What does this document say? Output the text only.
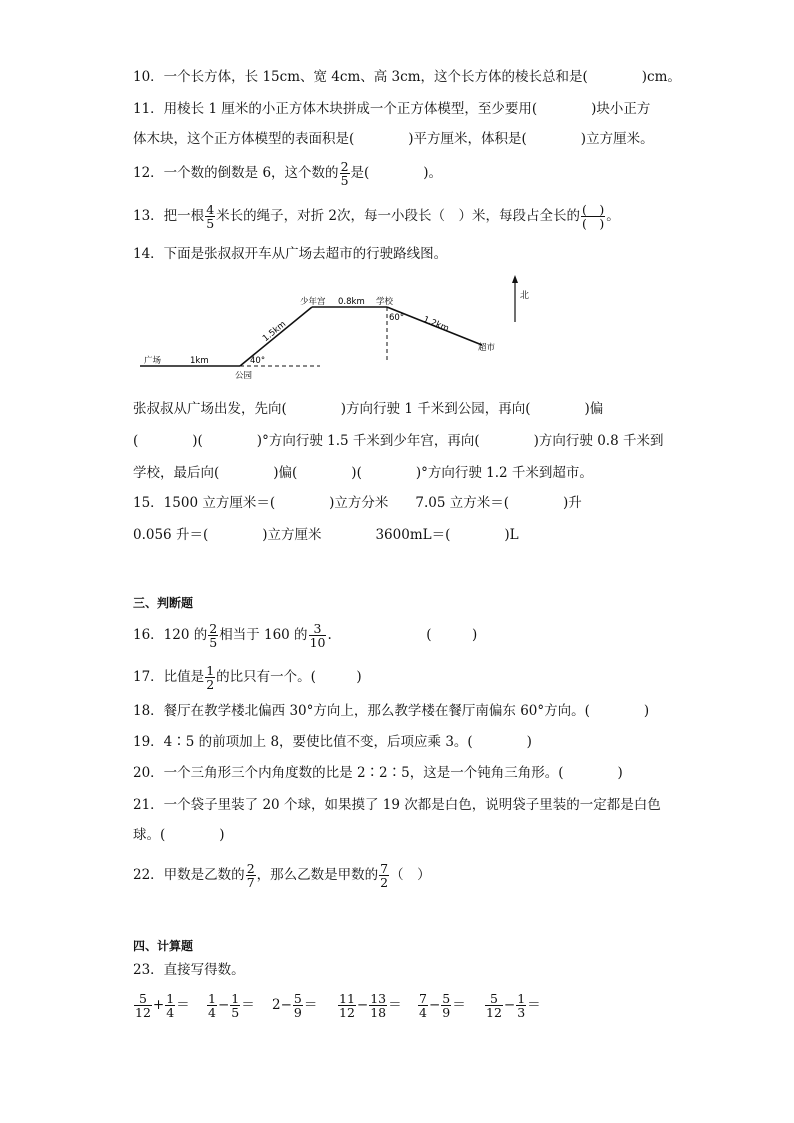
10．一个长方体，长 15cm、宽 4cm、高 3cm，这个长方体的棱长总和是(　　　　)cm。
11．用棱长 1 厘米的小正方体木块拼成一个正方体模型，至少要用(　　　　)块小正方
体木块，这个正方体模型的表面积是(　　　　)平方厘米，体积是(　　　　)立方厘米。
12．一个数的倒数是 6，这个数的 $\frac{2}{5}$ 是(　　　　)。
13．把一根 $\frac{4}{5}$ 米长的绳子，对折 2次，每一小段长（　）米，每段占全长的 $\frac{( )}{( )}$ 。
14．下面是张叔叔开车从广场去超市的行驶路线图。
北
广场	1km
公园
40°
1.5km
少年宫 0.8km 学校
60° 1.2km
超市
张叔叔从广场出发，先向(　　　　)方向行驶 1 千米到公园，再向(　　　　)偏
(　　　　)(　　　　)°方向行驶 1.5 千米到少年宫，再向(　　　　)方向行驶 0.8 千米到
学校，最后向(　　　　)偏(　　　　)(　　　　)°方向行驶 1.2 千米到超市。
15．1500 立方厘米＝(　　　　)立方分米　　7.05 立方米＝(　　　　)升
0.056 升＝(　　　　)立方厘米　　　　3600mL＝(　　　　)L
三、判断题
16．120 的 $\frac{2}{5}$ 相当于 160 的 $\frac{3}{10}$ .　　　　　　　(　　　)
17．比值是 $\frac{1}{2}$ 的比只有一个。(　　　)
18．餐厅在教学楼北偏西 30°方向上，那么教学楼在餐厅南偏东 60°方向。(　　　　)
19．4∶5 的前项加上 8，要使比值不变，后项应乘 3。(　　　　)
20．一个三角形三个内角度数的比是 2∶2∶5，这是一个钝角三角形。(　　　　)
21．一个袋子里装了 20 个球，如果摸了 19 次都是白色，说明袋子里装的一定都是白色
球。(　　　　)
22．甲数是乙数的 $\frac{2}{7}$ ，那么乙数是甲数的 $\frac{7}{2}$ （　）
四、计算题
23．直接写得数。
$\frac{5}{12} + \frac{1}{4} = \frac{1}{4} - \frac{1}{5} = 2- \frac{5}{9} = \frac{11}{12} - \frac{13}{18} = \frac{7}{4} - \frac{5}{9} = \frac{5}{12} - \frac{1}{3}$ ＝
